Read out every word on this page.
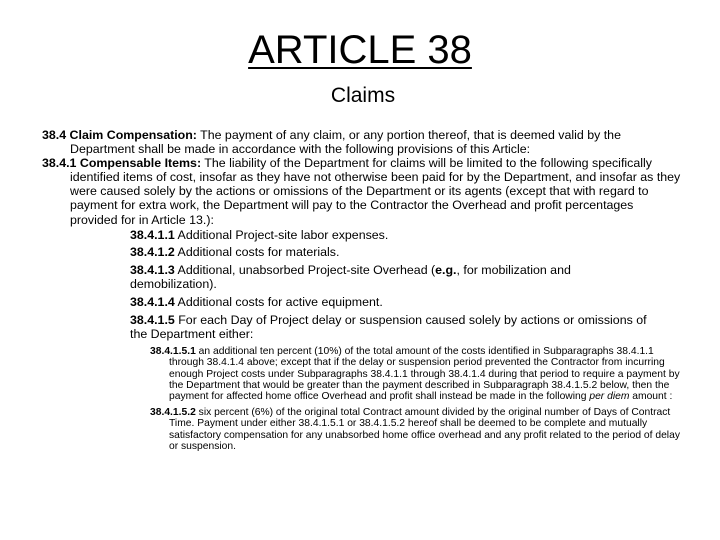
ARTICLE 38
Claims

38.4 Claim Compensation: The payment of any claim, or any portion thereof, that is deemed valid by the Department shall be made in accordance with the following provisions of this Article:

38.4.1 Compensable Items: The liability of the Department for claims will be limited to the following specifically identified items of cost, insofar as they have not otherwise been paid for by the Department, and insofar as they were caused solely by the actions or omissions of the Department or its agents (except that with regard to payment for extra work, the Department will pay to the Contractor the Overhead and profit percentages provided for in Article 13.):

38.4.1.1 Additional Project-site labor expenses.
38.4.1.2 Additional costs for materials.
38.4.1.3 Additional, unabsorbed Project-site Overhead (e.g., for mobilization and demobilization).
38.4.1.4 Additional costs for active equipment.
38.4.1.5 For each Day of Project delay or suspension caused solely by actions or omissions of the Department either:
38.4.1.5.1 an additional ten percent (10%) of the total amount of the costs identified in Subparagraphs 38.4.1.1 through 38.4.1.4 above; except that if the delay or suspension period prevented the Contractor from incurring enough Project costs under Subparagraphs 38.4.1.1 through 38.4.1.4 during that period to require a payment by the Department that would be greater than the payment described in Subparagraph 38.4.1.5.2 below, then the payment for affected home office Overhead and profit shall instead be made in the following per diem amount :
38.4.1.5.2 six percent (6%) of the original total Contract amount divided by the original number of Days of Contract Time. Payment under either 38.4.1.5.1 or 38.4.1.5.2 hereof shall be deemed to be complete and mutually satisfactory compensation for any unabsorbed home office overhead and any profit related to the period of delay or suspension.
